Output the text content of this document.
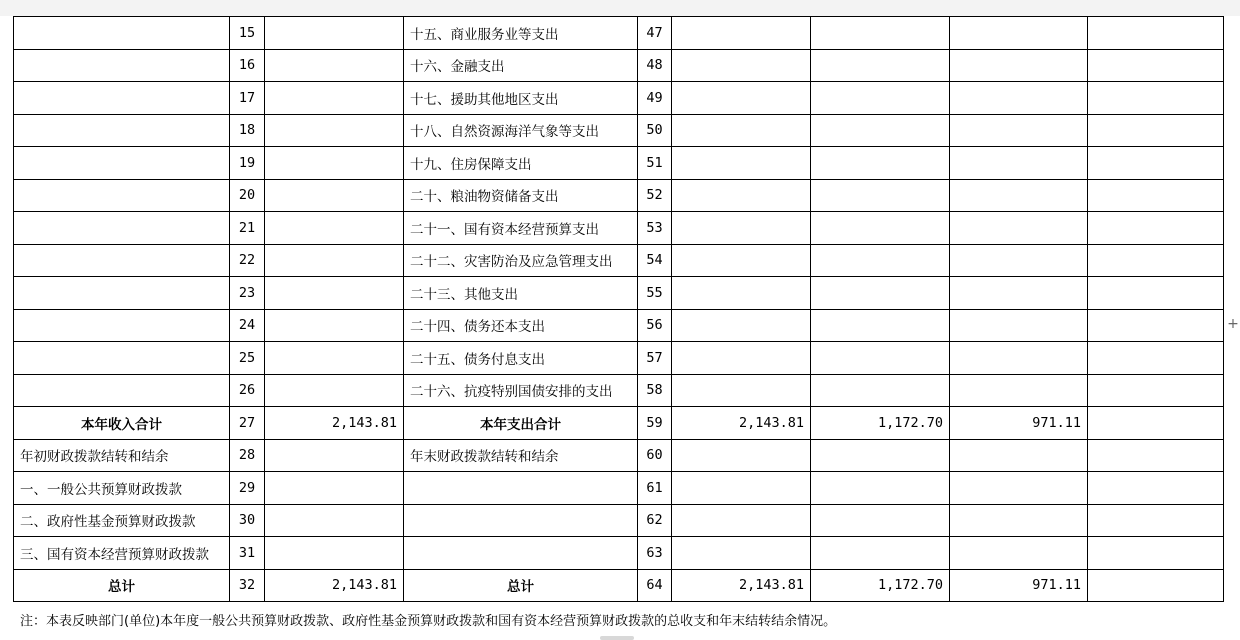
	15		十五、商业服务业等支出	47				
	16		十六、金融支出	48				
	17		十七、援助其他地区支出	49				
	18		十八、自然资源海洋气象等支出	50				
	19		十九、住房保障支出	51				
	20		二十、粮油物资储备支出	52				
	21		二十一、国有资本经营预算支出	53				
	22		二十二、灾害防治及应急管理支出	54				
	23		二十三、其他支出	55				
	24		二十四、债务还本支出	56				
	25		二十五、债务付息支出	57				
	26		二十六、抗疫特别国债安排的支出	58				
本年收入合计	27	2,143.81	本年支出合计	59	2,143.81	1,172.70	971.11	
年初财政拨款结转和结余	28		年末财政拨款结转和结余	60				
一、一般公共预算财政拨款	29			61				
二、政府性基金预算财政拨款	30			62				
三、国有资本经营预算财政拨款	31			63				
总计	32	2,143.81	总计	64	2,143.81	1,172.70	971.11	
注：本表反映部门(单位)本年度一般公共预算财政拨款、政府性基金预算财政拨款和国有资本经营预算财政拨款的总收支和年末结转结余情况。
+
